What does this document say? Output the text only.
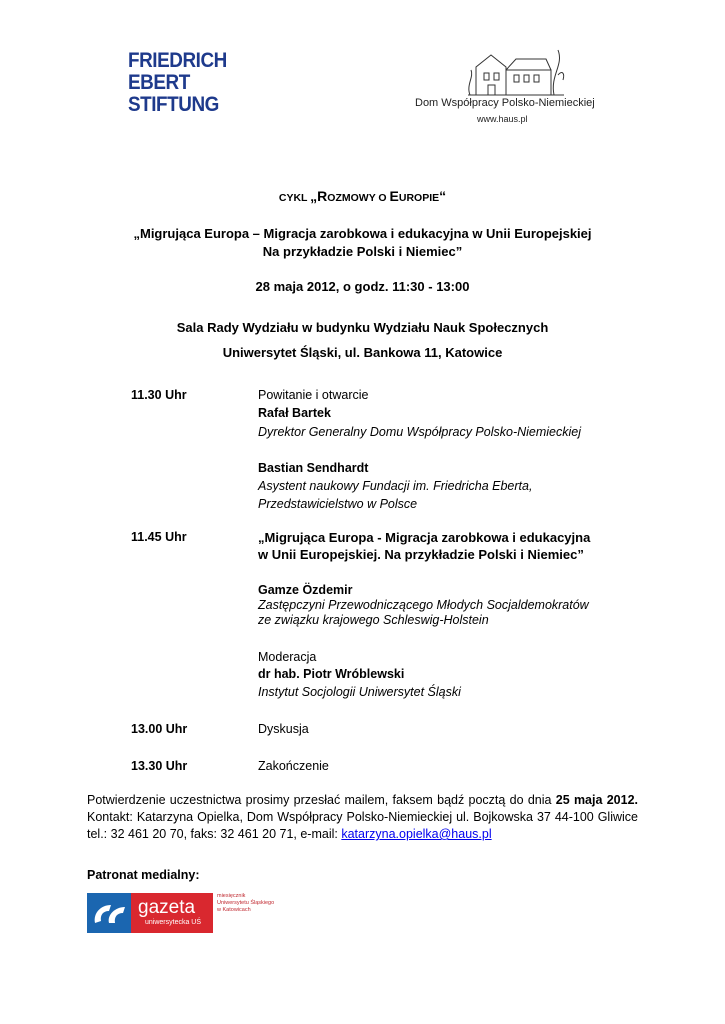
FRIEDRICH
EBERT
STIFTUNG	Dom Współpracy Polsko-Niemieckiej
www.haus.pl
CYKL „ROZMOWY O EUROPIE“
„Migrująca Europa – Migracja zarobkowa i edukacyjna w Unii Europejskiej
Na przykładzie Polski i Niemiec”
28 maja 2012, o godz. 11:30 - 13:00
Sala Rady Wydziału w budynku Wydziału Nauk Społecznych
Uniwersytet Śląski, ul. Bankowa 11, Katowice
11.30 Uhr	Powitanie i otwarcie
Rafał Bartek
Dyrektor Generalny Domu Współpracy Polsko-Niemieckiej
Bastian Sendhardt
Asystent naukowy Fundacji im. Friedricha Eberta,
Przedstawicielstwo w Polsce
11.45 Uhr	„Migrująca Europa - Migracja zarobkowa i edukacyjna
w Unii Europejskiej. Na przykładzie Polski i Niemiec”
Gamze Özdemir
Zastępczyni Przewodniczącego Młodych Socjaldemokratów
ze związku krajowego Schleswig-Holstein
Moderacja
dr hab. Piotr Wróblewski
Instytut Socjologii Uniwersytet Śląski
13.00 Uhr	Dyskusja
13.30 Uhr	Zakończenie
Potwierdzenie uczestnictwa prosimy przesłać mailem, faksem bądź pocztą do dnia 25 maja 2012. Kontakt: Katarzyna Opielka, Dom Współpracy Polsko-Niemieckiej ul. Bojkowska 37 44-100 Gliwice tel.: 32 461 20 70, faks: 32 461 20 71, e-mail: katarzyna.opielka@haus.pl
Patronat medialny:
gazeta
uniwersytecka UŚ
miesięcznik Uniwersytetu Śląskiego w Katowicach
